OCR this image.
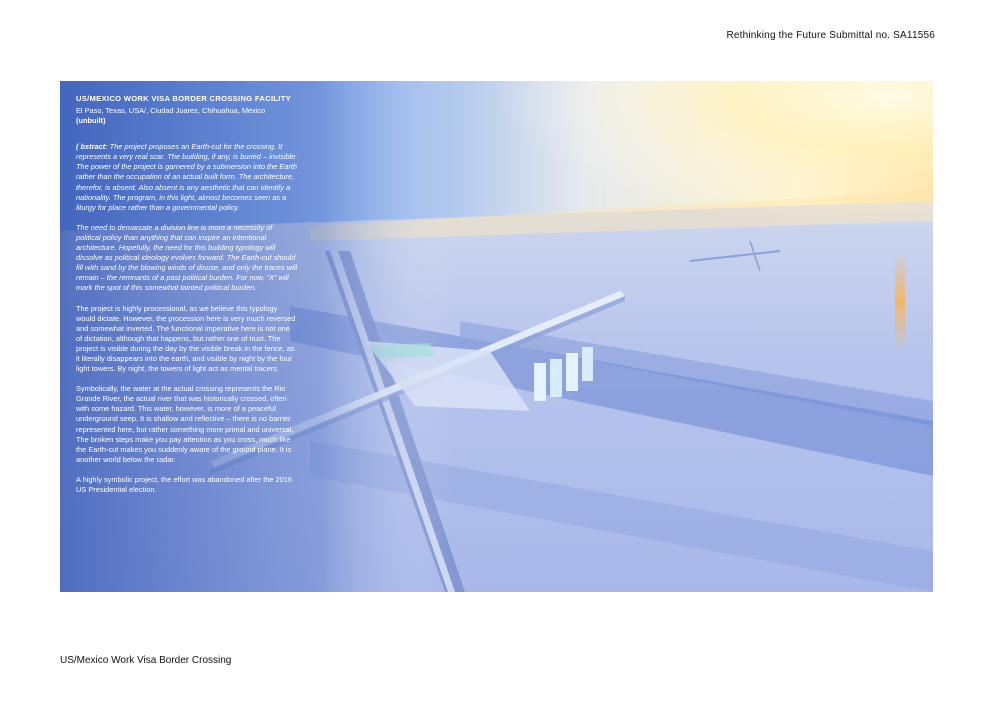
Rethinking the Future Submittal no. SA11556

US/MEXICO WORK VISA BORDER CROSSING FACILITY

El Paso, Texas, USA/, Ciudad Juarez, Chihuahua, Mexico

(unbuilt)

( bstract: The project proposes an Earth-cut for the crossing. It represents a very real scar. The building, if any, is buried – invisible. The power of the project is garnered by a submersion into the Earth rather than the occupation of an actual built form. The architecture, therefor, is absent. Also absent is any aesthetic that can identify a nationality. The program, in this light, almost becomes seen as a liturgy for place rather than a governmental policy.

The need to demarcate a division line is more a necessity of political policy than anything that can inspire an intentional architecture. Hopefully, the need for this building typology will dissolve as political ideology evolves forward. The Earth-cut should fill with sand by the blowing winds of disuse, and only the traces will remain – the remnants of a past political burden. For now, “X” will mark the spot of this somewhat tainted political burden.

The project is highly processional, as we believe this typology would dictate. However, the procession here is very much reversed and somewhat inverted. The functional imperative here is not one of dictation, although that happens, but rather one of trust. The project is visible during the day by the visible break in the fence, as it literally disappears into the earth, and visible by night by the four light towers. By night, the towers of light act as mental tracers.

Symbolically, the water at the actual crossing represents the Rio Grande River, the actual river that was historically crossed, often with some hazard. This water, however, is more of a peaceful underground seep. It is shallow and reflective – there is no barrier represented here, but rather something more primal and universal. The broken steps make you pay attention as you cross, much like the Earth-cut makes you suddenly aware of the ground plane. It is another world below the radar.

A highly symbolic project, the effort was abandoned after the 2016 US Presidential election.

US/Mexico Work Visa Border Crossing
